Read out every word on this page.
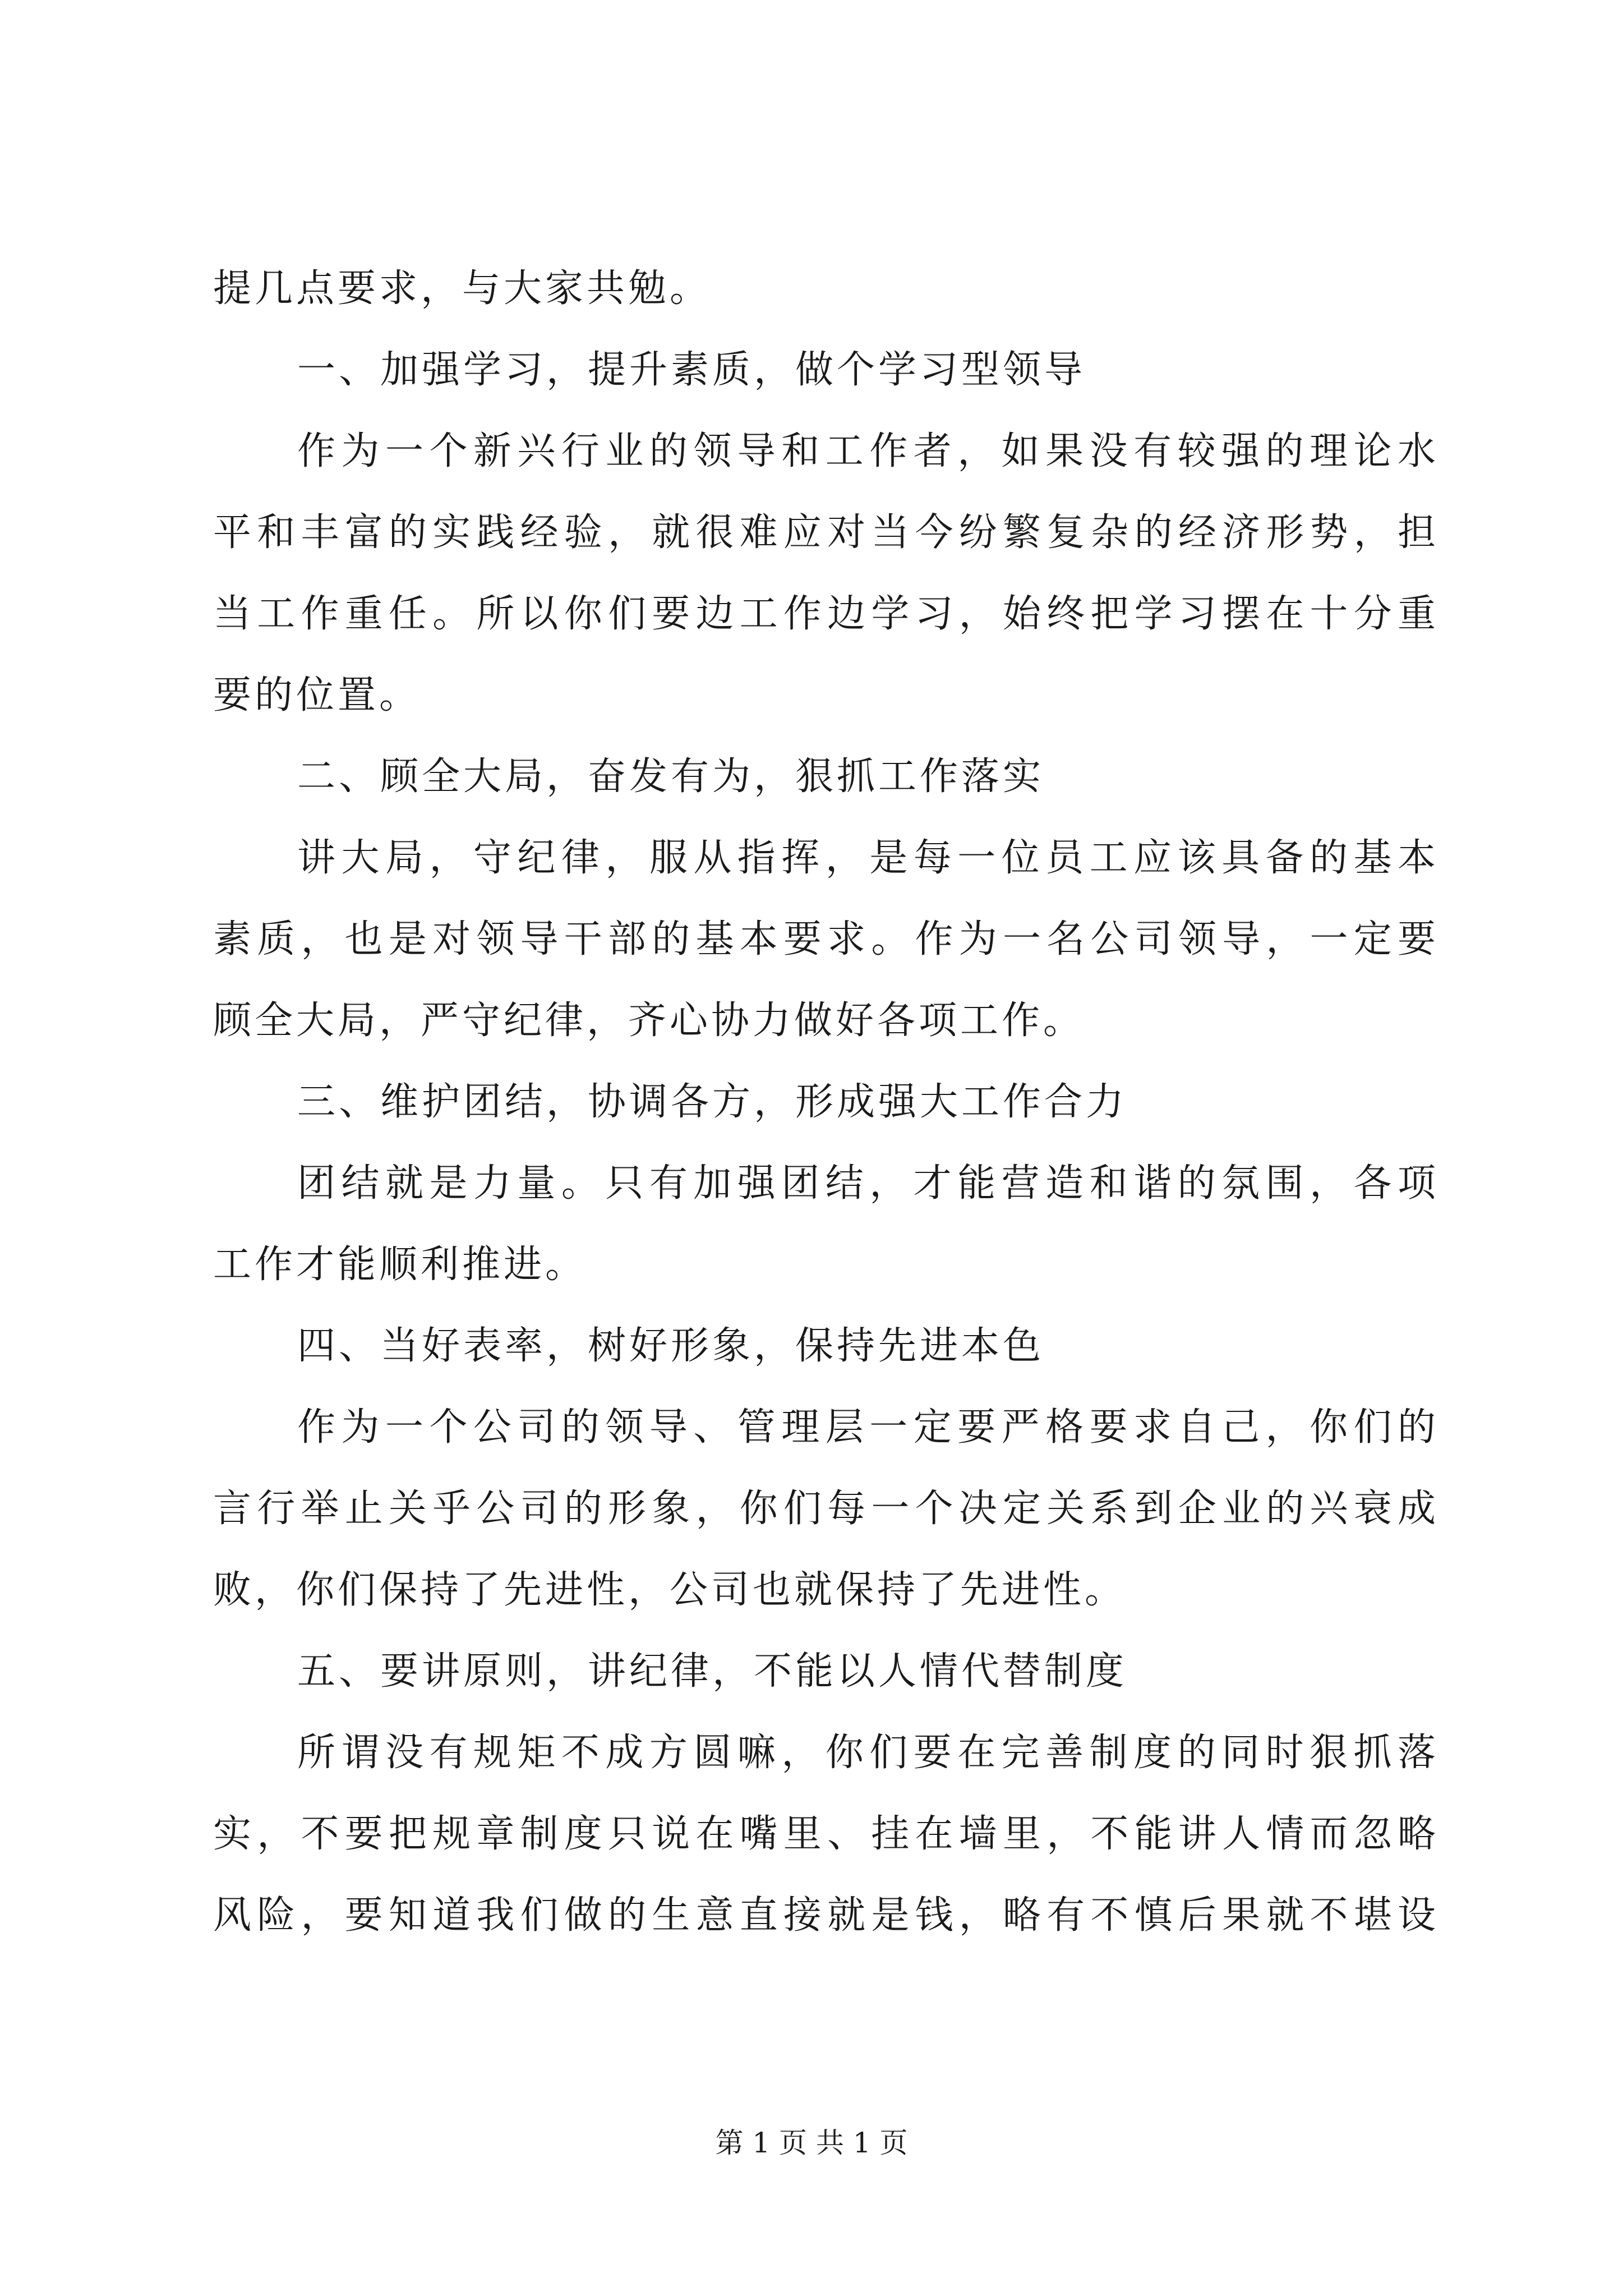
提几点要求，与大家共勉。
一、加强学习，提升素质，做个学习型领导
作为一个新兴行业的领导和工作者，如果没有较强的理论水
平和丰富的实践经验，就很难应对当今纷繁复杂的经济形势，担
当工作重任。所以你们要边工作边学习，始终把学习摆在十分重
要的位置。
二、顾全大局，奋发有为，狠抓工作落实
讲大局，守纪律，服从指挥，是每一位员工应该具备的基本
素质，也是对领导干部的基本要求。作为一名公司领导，一定要
顾全大局，严守纪律，齐心协力做好各项工作。
三、维护团结，协调各方，形成强大工作合力
团结就是力量。只有加强团结，才能营造和谐的氛围，各项
工作才能顺利推进。
四、当好表率，树好形象，保持先进本色
作为一个公司的领导、管理层一定要严格要求自己，你们的
言行举止关乎公司的形象，你们每一个决定关系到企业的兴衰成
败，你们保持了先进性，公司也就保持了先进性。
五、要讲原则，讲纪律，不能以人情代替制度
所谓没有规矩不成方圆嘛，你们要在完善制度的同时狠抓落
实，不要把规章制度只说在嘴里、挂在墙里，不能讲人情而忽略
风险，要知道我们做的生意直接就是钱，略有不慎后果就不堪设
第 1 页 共 1 页
